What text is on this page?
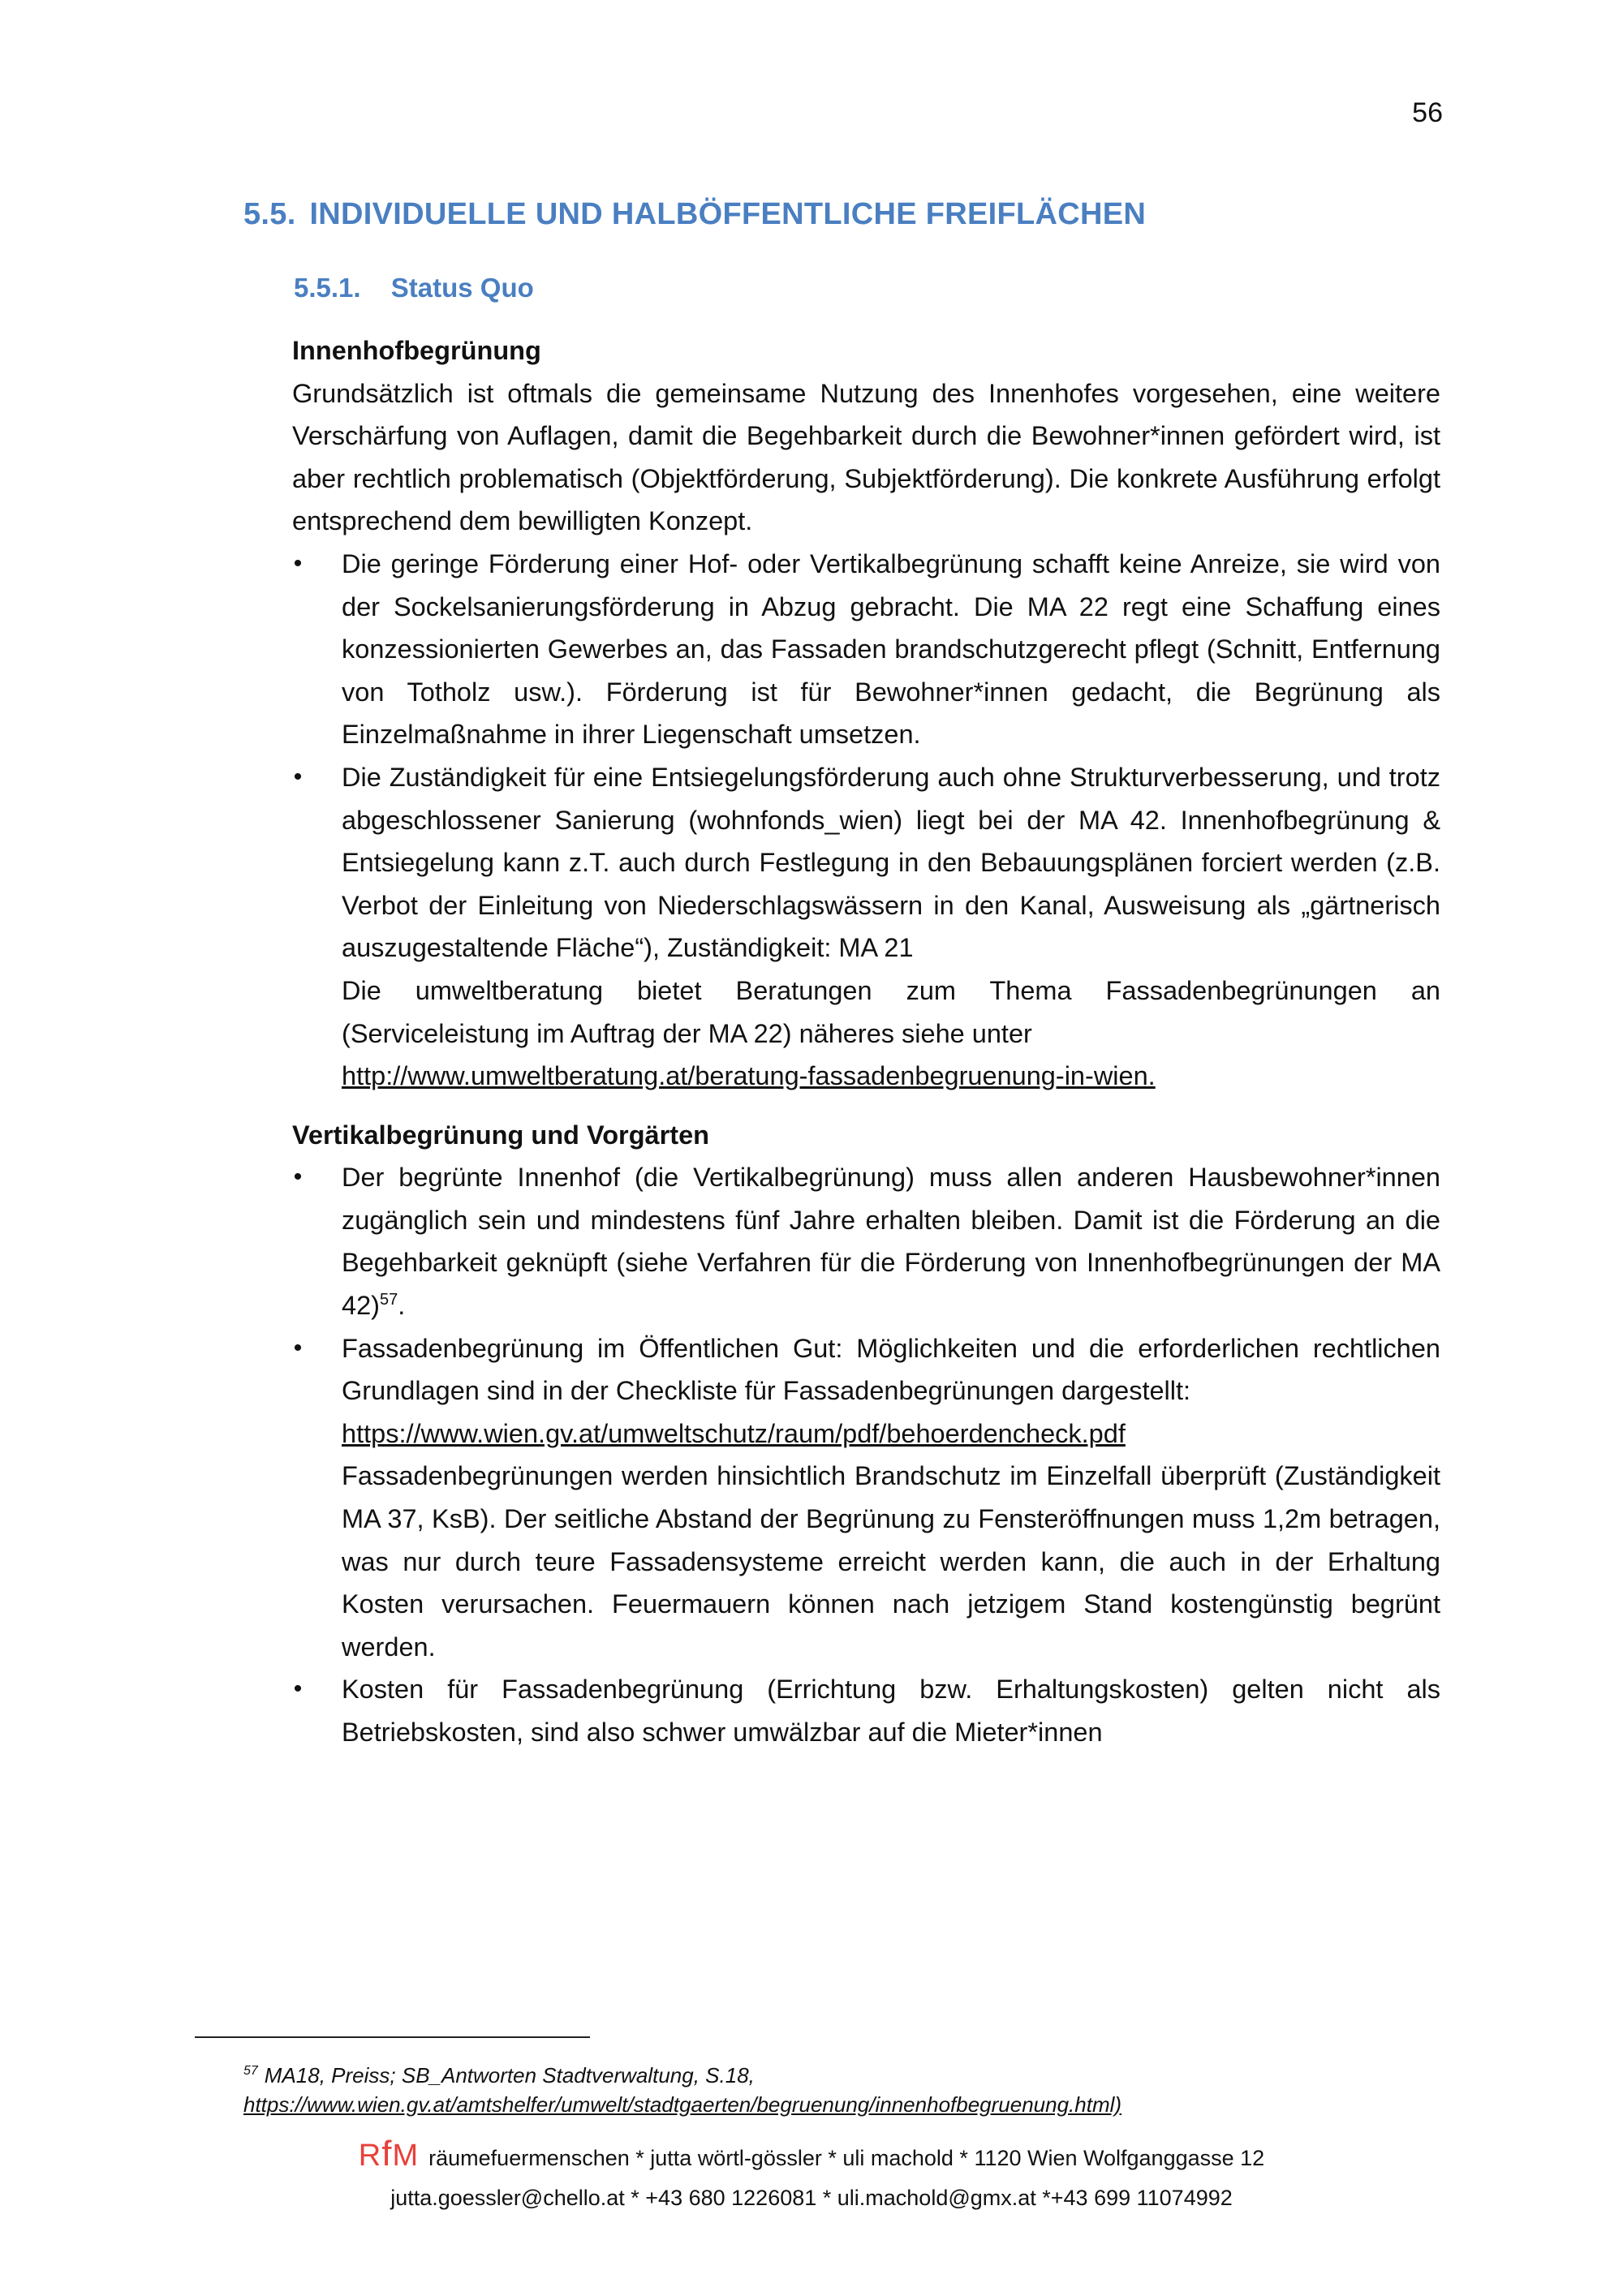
56
5.5. INDIVIDUELLE UND HALBÖFFENTLICHE FREIFLÄCHEN
5.5.1. Status Quo

Innenhofbegrünung

Grundsätzlich ist oftmals die gemeinsame Nutzung des Innenhofes vorgesehen, eine weitere Verschärfung von Auflagen, damit die Begehbarkeit durch die Bewohner*innen gefördert wird, ist aber rechtlich problematisch (Objektförderung, Subjektförderung). Die konkrete Ausführung erfolgt entsprechend dem bewilligten Konzept.

• Die geringe Förderung einer Hof- oder Vertikalbegrünung schafft keine Anreize, sie wird von der Sockelsanierungsförderung in Abzug gebracht. Die MA 22 regt eine Schaffung eines konzessionierten Gewerbes an, das Fassaden brandschutzgerecht pflegt (Schnitt, Entfernung von Totholz usw.). Förderung ist für Bewohner*innen gedacht, die Begrünung als Einzelmaßnahme in ihrer Liegenschaft umsetzen.
• Die Zuständigkeit für eine Entsiegelungsförderung auch ohne Strukturverbesserung, und trotz abgeschlossener Sanierung (wohnfonds_wien) liegt bei der MA 42. Innenhofbegrünung & Entsiegelung kann z.T. auch durch Festlegung in den Bebauungsplänen forciert werden (z.B. Verbot der Einleitung von Niederschlagswässern in den Kanal, Ausweisung als „gärtnerisch auszugestaltende Fläche“), Zuständigkeit: MA 21
Die umweltberatung bietet Beratungen zum Thema Fassadenbegrünungen an (Serviceleistung im Auftrag der MA 22) näheres siehe unter
http://www.umweltberatung.at/beratung-fassadenbegruenung-in-wien.

Vertikalbegrünung und Vorgärten

• Der begrünte Innenhof (die Vertikalbegrünung) muss allen anderen Hausbewohner*innen zugänglich sein und mindestens fünf Jahre erhalten bleiben. Damit ist die Förderung an die Begehbarkeit geknüpft (siehe Verfahren für die Förderung von Innenhofbegrünungen der MA 42)$^{57}$.
• Fassadenbegrünung im Öffentlichen Gut: Möglichkeiten und die erforderlichen rechtlichen Grundlagen sind in der Checkliste für Fassadenbegrünungen dargestellt:
https://www.wien.gv.at/umweltschutz/raum/pdf/behoerdencheck.pdf
Fassadenbegrünungen werden hinsichtlich Brandschutz im Einzelfall überprüft (Zuständigkeit MA 37, KsB). Der seitliche Abstand der Begrünung zu Fensteröffnungen muss 1,2m betragen, was nur durch teure Fassadensysteme erreicht werden kann, die auch in der Erhaltung Kosten verursachen. Feuermauern können nach jetzigem Stand kostengünstig begrünt werden.
• Kosten für Fassadenbegrünung (Errichtung bzw. Erhaltungskosten) gelten nicht als Betriebskosten, sind also schwer umwälzbar auf die Mieter*innen
$^{57}$ MA18, Preiss; SB_Antworten Stadtverwaltung, S.18,
https://www.wien.gv.at/amtshelfer/umwelt/stadtgaerten/begruenung/innenhofbegruenung.html)
RfM räumefuermenschen * jutta wörtl-gössler * uli machold * 1120 Wien Wolfganggasse 12
jutta.goessler@chello.at * +43 680 1226081 * uli.machold@gmx.at *+43 699 11074992
